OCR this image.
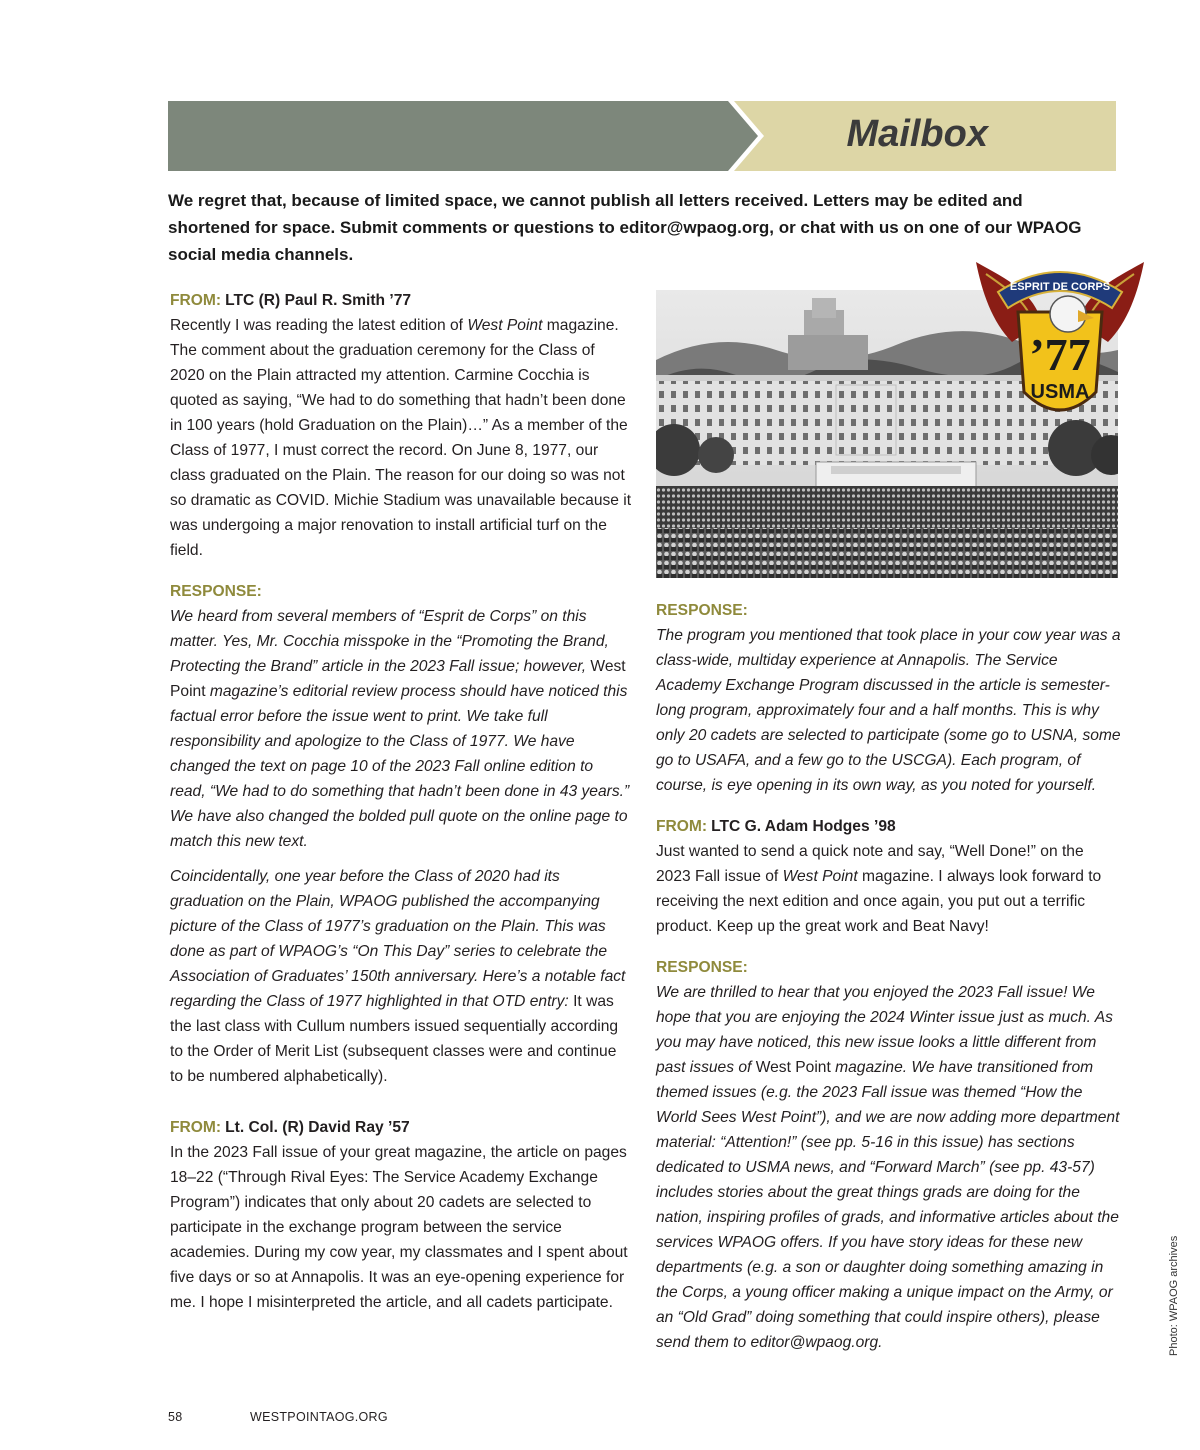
Mailbox
We regret that, because of limited space, we cannot publish all letters received. Letters may be edited and shortened for space. Submit comments or questions to editor@wpaog.org, or chat with us on one of our WPAOG social media channels.

FROM: LTC (R) Paul R. Smith ’77

Recently I was reading the latest edition of West Point magazine. The comment about the graduation ceremony for the Class of 2020 on the Plain attracted my attention. Carmine Cocchia is quoted as saying, “We had to do something that hadn’t been done in 100 years (hold Graduation on the Plain)…” As a member of the Class of 1977, I must correct the record. On June 8, 1977, our class graduated on the Plain. The reason for our doing so was not so dramatic as COVID. Michie Stadium was unavailable because it was undergoing a major renovation to install artificial turf on the field.

RESPONSE:

We heard from several members of “Esprit de Corps” on this matter. Yes, Mr. Cocchia misspoke in the “Promoting the Brand, Protecting the Brand” article in the 2023 Fall issue; however, West Point magazine’s editorial review process should have noticed this factual error before the issue went to print. We take full responsibility and apologize to the Class of 1977. We have changed the text on page 10 of the 2023 Fall online edition to read, “We had to do something that hadn’t been done in 43 years.” We have also changed the bolded pull quote on the online page to match this new text.

Coincidentally, one year before the Class of 2020 had its graduation on the Plain, WPAOG published the accompanying picture of the Class of 1977’s graduation on the Plain. This was done as part of WPAOG’s “On This Day” series to celebrate the Association of Graduates’ 150th anniversary. Here’s a notable fact regarding the Class of 1977 highlighted in that OTD entry: It was the last class with Cullum numbers issued sequentially according to the Order of Merit List (subsequent classes were and continue to be numbered alphabetically).

FROM: Lt. Col. (R) David Ray ’57

In the 2023 Fall issue of your great magazine, the article on pages 18–22 (“Through Rival Eyes: The Service Academy Exchange Program”) indicates that only about 20 cadets are selected to participate in the exchange program between the service academies. During my cow year, my classmates and I spent about five days or so at Annapolis. It was an eye-opening experience for me. I hope I misinterpreted the article, and all cadets participate.

ESPRIT DE CORPS
’77
USMA

RESPONSE:

The program you mentioned that took place in your cow year was a class-wide, multiday experience at Annapolis. The Service Academy Exchange Program discussed in the article is semester-long program, approximately four and a half months. This is why only 20 cadets are selected to participate (some go to USNA, some go to USAFA, and a few go to the USCGA). Each program, of course, is eye opening in its own way, as you noted for yourself.

FROM: LTC G. Adam Hodges ’98

Just wanted to send a quick note and say, “Well Done!” on the 2023 Fall issue of West Point magazine. I always look forward to receiving the next edition and once again, you put out a terrific product. Keep up the great work and Beat Navy!

RESPONSE:

We are thrilled to hear that you enjoyed the 2023 Fall issue! We hope that you are enjoying the 2024 Winter issue just as much. As you may have noticed, this new issue looks a little different from past issues of West Point magazine. We have transitioned from themed issues (e.g. the 2023 Fall issue was themed “How the World Sees West Point”), and we are now adding more department material: “Attention!” (see pp. 5-16 in this issue) has sections dedicated to USMA news, and “Forward March” (see pp. 43-57) includes stories about the great things grads are doing for the nation, inspiring profiles of grads, and informative articles about the services WPAOG offers. If you have story ideas for these new departments (e.g. a son or daughter doing something amazing in the Corps, a young officer making a unique impact on the Army, or an “Old Grad” doing something that could inspire others), please send them to editor@wpaog.org.	Photo: WPAOG archives
58	WESTPOINTAOG.ORG
